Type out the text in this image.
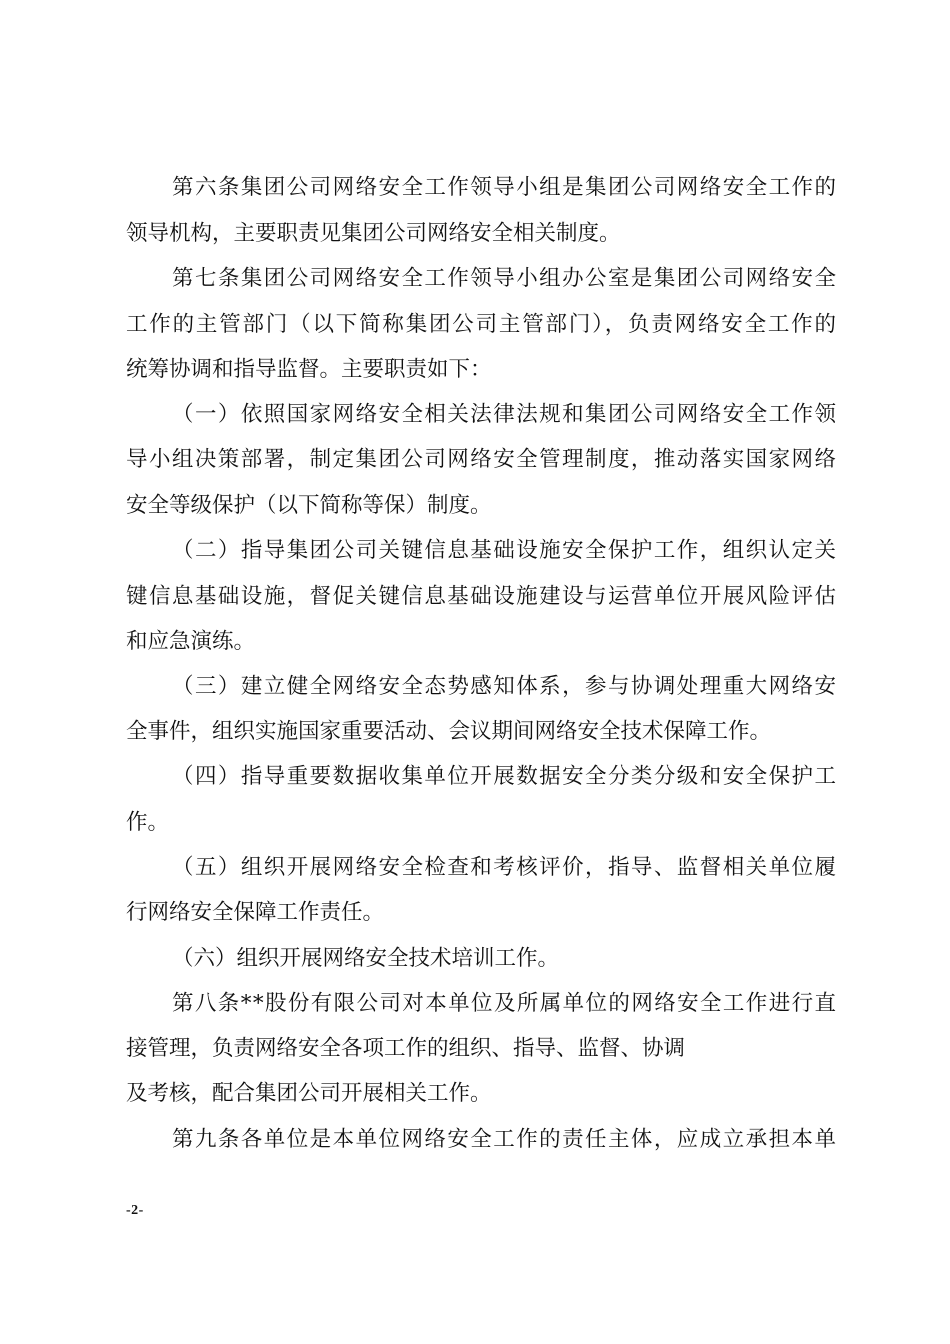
第六条集团公司网络安全工作领导小组是集团公司网络安全工作的

领导机构，主要职责见集团公司网络安全相关制度。

第七条集团公司网络安全工作领导小组办公室是集团公司网络安全

工作的主管部门（以下简称集团公司主管部门），负责网络安全工作的

统筹协调和指导监督。主要职责如下：

（一）依照国家网络安全相关法律法规和集团公司网络安全工作领

导小组决策部署，制定集团公司网络安全管理制度，推动落实国家网络

安全等级保护（以下简称等保）制度。

（二）指导集团公司关键信息基础设施安全保护工作，组织认定关

键信息基础设施，督促关键信息基础设施建设与运营单位开展风险评估

和应急演练。

（三）建立健全网络安全态势感知体系，参与协调处理重大网络安

全事件，组织实施国家重要活动、会议期间网络安全技术保障工作。

（四）指导重要数据收集单位开展数据安全分类分级和安全保护工

作。

（五）组织开展网络安全检查和考核评价，指导、监督相关单位履

行网络安全保障工作责任。

（六）组织开展网络安全技术培训工作。

第八条**股份有限公司对本单位及所属单位的网络安全工作进行直

接管理，负责网络安全各项工作的组织、指导、监督、协调

及考核，配合集团公司开展相关工作。

第九条各单位是本单位网络安全工作的责任主体，应成立承担本单

-2-
